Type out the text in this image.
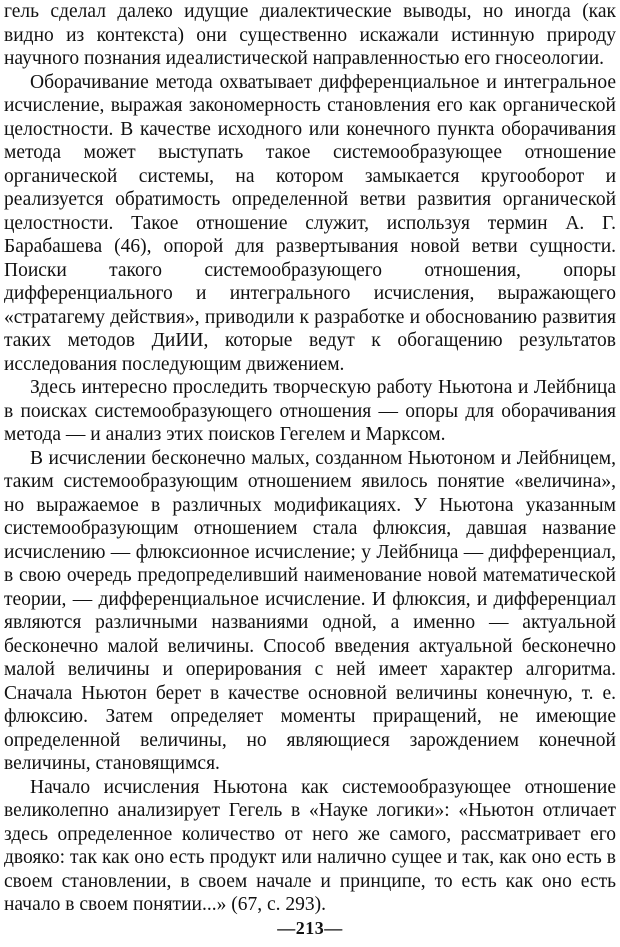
гель сделал далеко идущие диалектические выводы, но иногда (как видно из контекста) они существенно искажали истинную природу научного познания идеалистической направленностью его гносеологии.

Оборачивание метода охватывает дифференциальное и интегральное исчисление, выражая закономерность становления его как органической целостности. В качестве исходного или конечного пункта оборачивания метода может выступать такое системообразующее отношение органической системы, на котором замыкается кругооборот и реализуется обратимость определенной ветви развития органической целостности. Такое отношение служит, используя термин А. Г. Барабашева (46), опорой для развертывания новой ветви сущности. Поиски такого системообразующего отношения, опоры дифференциального и интегрального исчисления, выражающего «стратагему действия», приводили к разработке и обоснованию развития таких методов ДиИИ, которые ведут к обогащению результатов исследования последующим движением.

Здесь интересно проследить творческую работу Ньютона и Лейбница в поисках системообразующего отношения — опоры для оборачивания метода — и анализ этих поисков Гегелем и Марксом.

В исчислении бесконечно малых, созданном Ньютоном и Лейбницем, таким системообразующим отношением явилось понятие «величина», но выражаемое в различных модификациях. У Ньютона указанным системообразующим отношением стала флюксия, давшая название исчислению — флюксионное исчисление; у Лейбница — дифференциал, в свою очередь предопределивший наименование новой математической теории, — дифференциальное исчисление. И флюксия, и дифференциал являются различными названиями одной, а именно — актуальной бесконечно малой величины. Способ введения актуальной бесконечно малой величины и оперирования с ней имеет характер алгоритма. Сначала Ньютон берет в качестве основной величины конечную, т. е. флюксию. Затем определяет моменты приращений, не имеющие определенной величины, но являющиеся зарождением конечной величины, становящимся.

Начало исчисления Ньютона как системообразующее отношение великолепно анализирует Гегель в «Науке логики»: «Ньютон отличает здесь определенное количество от него же самого, рассматривает его двояко: так как оно есть продукт или налично сущее и так, как оно есть в своем становлении, в своем начале и принципе, то есть как оно есть начало в своем понятии...» (67, с. 293).

—213—
